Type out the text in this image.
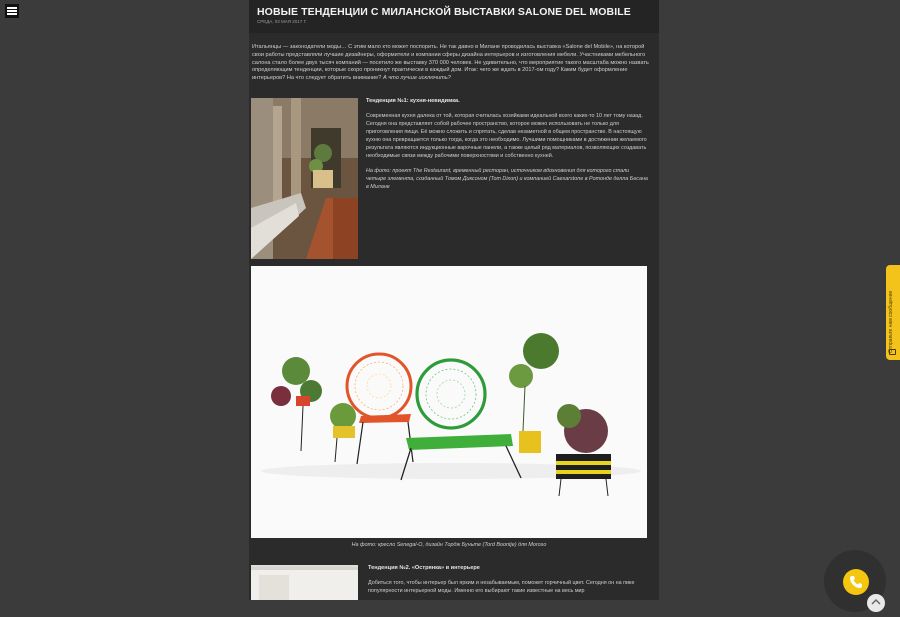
НОВЫЕ ТЕНДЕНЦИИ С МИЛАНСКОЙ ВЫСТАВКИ SALONE DEL MOBILE
СРЕДА, 03 МАЯ 2017 Г.

Итальянцы — законодатели моды… С этим мало кто может поспорить. Не так давно в Милане проводилась выставка «Salone del Mobile», на которой свои работы представляли лучшие дизайнеры, оформители и компании сферы дизайна интерьеров и изготовления мебели. Участниками мебельного салона стало более двух тысяч компаний — посетило же выставку 370 000 человек. Не удивительно, что мероприятие такого масштаба можно назвать определяющим тенденции, которые скоро проникнут практически в каждый дом. Итак: чего же ждать в 2017-ом году? Каким будет оформление интерьеров? На что следует обратить внимание? А что лучше исключить?

Тенденция №1: кухня-невидимка.

Современная кухня далека от той, которая считалась хозяйками идеальной всего каких-то 10 лет тому назад. Сегодня она представляет собой рабочее пространство, которое можно использовать не только для приготовления пищи. Её можно сложить и спрятать, сделав незаметной в общем пространстве. В настоящую кухню она превращается только тогда, когда это необходимо. Лучшими помощниками в достижении желаемого результата являются индукционные варочные панели, а также целый ряд материалов, позволяющих создавать необходимые связи между рабочими поверхностями и собственно кухней.

На фото: проект The Restaurant, временный ресторан, источником вдохновения для которого стали четыре элемента, созданный Томом Диксоном (Tom Dixon) и компанией Caesarstone в Ротонде делла Бесана в Милане

На фото: кресло Senegal-O, дизайн Тордж Буньте (Tord Boontje) для Moroso

Тенденция №2. «Острянка» в интерьере

Добиться того, чтобы интерьер был ярким и незабываемым, поможет горчичный цвет. Сегодня он на пике популярности интерьерной моды. Именно его выбирают такие известные на весь мир

Отправьте нам сообщение
